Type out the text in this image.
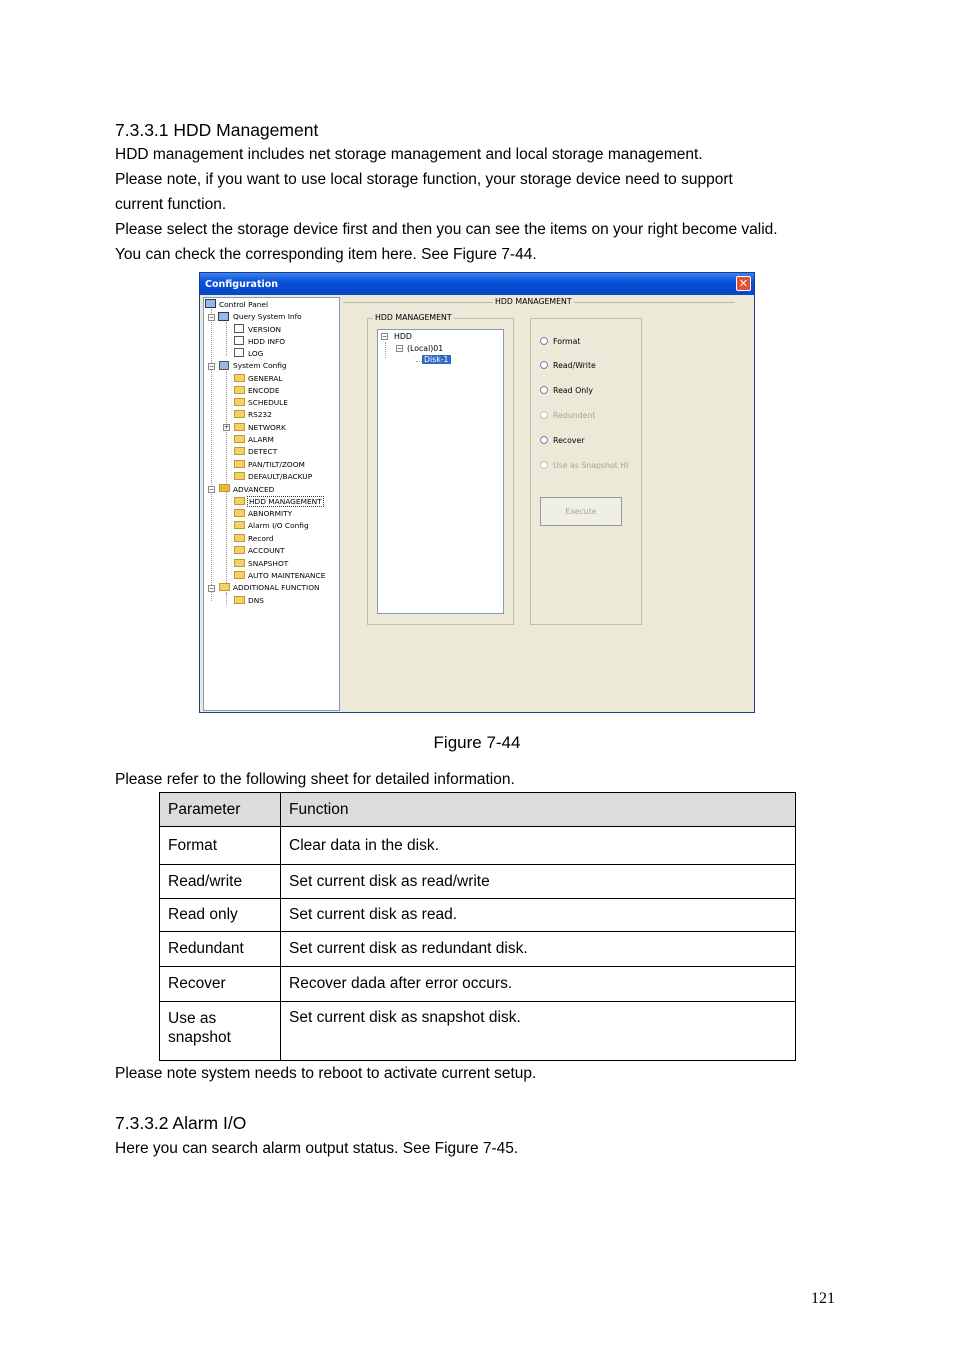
7.3.3.1 HDD Management
HDD management includes net storage management and local storage management.
Please note, if you want to use local storage function, your storage device need to support
current function.
Please select the storage device first and then you can see the items on your right become valid.
You can check the corresponding item here. See Figure 7-44.
Configuration	✕
Control Panel
−	Query System Info
VERSION
HDD INFO
LOG
−	System Config
GENERAL
ENCODE
SCHEDULE
RS232
+	NETWORK
ALARM
DETECT
PAN/TILT/ZOOM
DEFAULT/BACKUP
−	ADVANCED
HDD MANAGEMENT
ABNORMITY
Alarm I/O Config
Record
ACCOUNT
SNAPSHOT
AUTO MAINTENANCE
−	ADDITIONAL FUNCTION
DNS
HDD MANAGEMENT
HDD MANAGEMENT
− HDD
− (Local)01
Disk-1
Format
Read/Write
Read Only
Redundent
Recover
Use as Snapshot HI
Execute
Figure 7-44
Please refer to the following sheet for detailed information.
Parameter	Function
Format	Clear data in the disk.
Read/write	Set current disk as read/write
Read only	Set current disk as read.
Redundant	Set current disk as redundant disk.
Recover	Recover dada after error occurs.
Use as snapshot	Set current disk as snapshot disk.
Please note system needs to reboot to activate current setup.
7.3.3.2 Alarm I/O
Here you can search alarm output status. See Figure 7-45.
121
